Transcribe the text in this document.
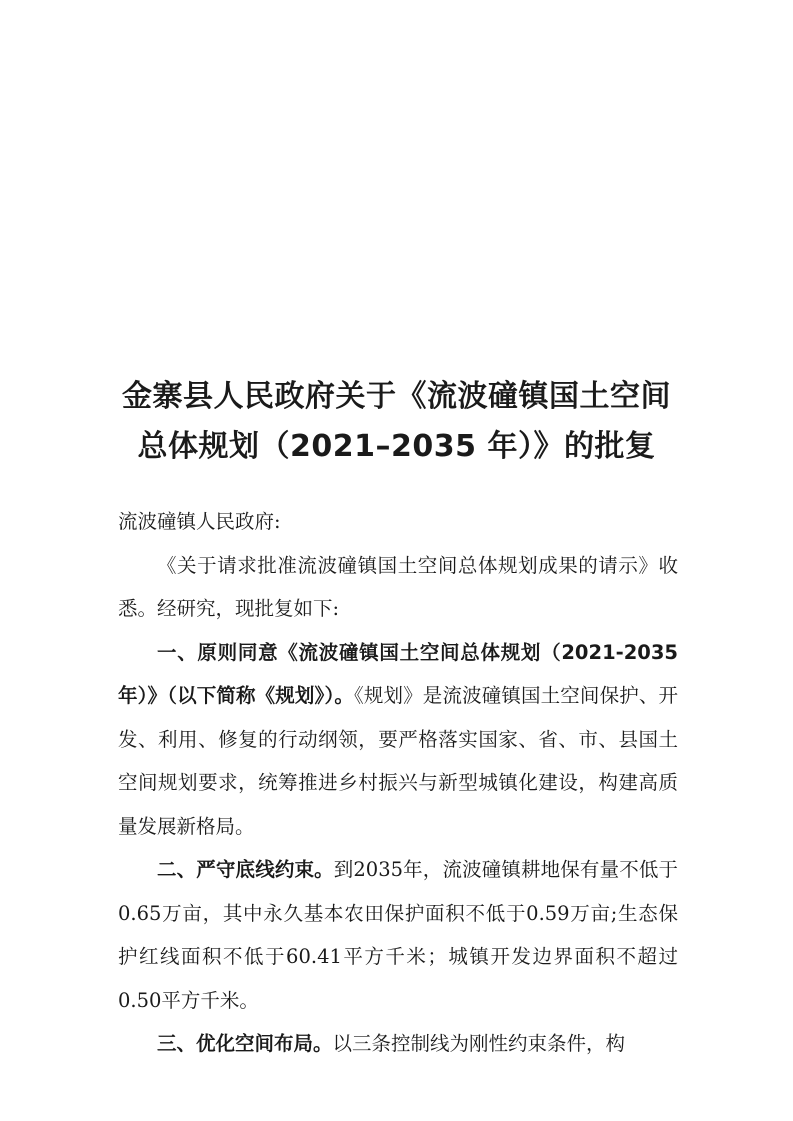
金寨县人民政府关于《流波䃥镇国土空间
总体规划（2021–2035 年）》的批复

流波䃥镇人民政府:

《关于请求批准流波䃥镇国土空间总体规划成果的请示》收悉。经研究，现批复如下:

一、原则同意《流波䃥镇国土空间总体规划（2021-2035年）》（以下简称《规划》）。《规划》是流波䃥镇国土空间保护、开发、利用、修复的行动纲领，要严格落实国家、省、市、县国土空间规划要求，统筹推进乡村振兴与新型城镇化建设，构建高质量发展新格局。

二、严守底线约束。到2035年，流波䃥镇耕地保有量不低于0.65万亩，其中永久基本农田保护面积不低于0.59万亩;生态保护红线面积不低于60.41平方千米；城镇开发边界面积不超过0.50平方千米。

三、优化空间布局。以三条控制线为刚性约束条件，构
